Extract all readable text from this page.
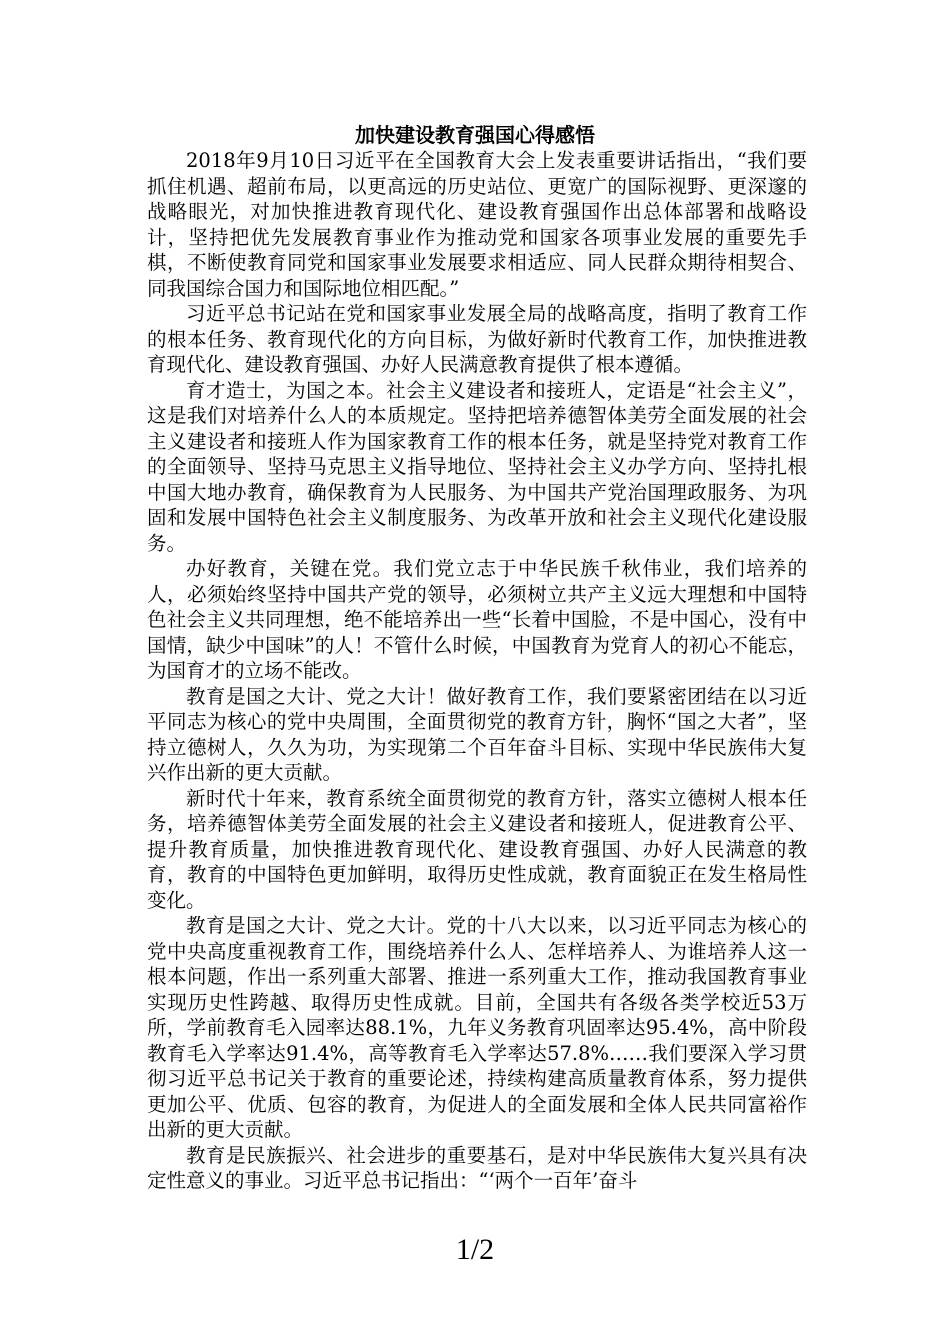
加快建设教育强国心得感悟

2018年9月10日习近平在全国教育大会上发表重要讲话指出，“我们要抓住机遇、超前布局，以更高远的历史站位、更宽广的国际视野、更深邃的战略眼光，对加快推进教育现代化、建设教育强国作出总体部署和战略设计，坚持把优先发展教育事业作为推动党和国家各项事业发展的重要先手棋，不断使教育同党和国家事业发展要求相适应、同人民群众期待相契合、同我国综合国力和国际地位相匹配。”

习近平总书记站在党和国家事业发展全局的战略高度，指明了教育工作的根本任务、教育现代化的方向目标，为做好新时代教育工作，加快推进教育现代化、建设教育强国、办好人民满意教育提供了根本遵循。

育才造士，为国之本。社会主义建设者和接班人，定语是“社会主义”，这是我们对培养什么人的本质规定。坚持把培养德智体美劳全面发展的社会主义建设者和接班人作为国家教育工作的根本任务，就是坚持党对教育工作的全面领导、坚持马克思主义指导地位、坚持社会主义办学方向、坚持扎根中国大地办教育，确保教育为人民服务、为中国共产党治国理政服务、为巩固和发展中国特色社会主义制度服务、为改革开放和社会主义现代化建设服务。

办好教育，关键在党。我们党立志于中华民族千秋伟业，我们培养的人，必须始终坚持中国共产党的领导，必须树立共产主义远大理想和中国特色社会主义共同理想，绝不能培养出一些“长着中国脸，不是中国心，没有中国情，缺少中国味”的人！不管什么时候，中国教育为党育人的初心不能忘，为国育才的立场不能改。

教育是国之大计、党之大计！做好教育工作，我们要紧密团结在以习近平同志为核心的党中央周围，全面贯彻党的教育方针，胸怀“国之大者”，坚持立德树人，久久为功，为实现第二个百年奋斗目标、实现中华民族伟大复兴作出新的更大贡献。

新时代十年来，教育系统全面贯彻党的教育方针，落实立德树人根本任务，培养德智体美劳全面发展的社会主义建设者和接班人，促进教育公平、提升教育质量，加快推进教育现代化、建设教育强国、办好人民满意的教育，教育的中国特色更加鲜明，取得历史性成就，教育面貌正在发生格局性变化。

教育是国之大计、党之大计。党的十八大以来，以习近平同志为核心的党中央高度重视教育工作，围绕培养什么人、怎样培养人、为谁培养人这一根本问题，作出一系列重大部署、推进一系列重大工作，推动我国教育事业实现历史性跨越、取得历史性成就。目前，全国共有各级各类学校近53万所，学前教育毛入园率达88.1%，九年义务教育巩固率达95.4%，高中阶段教育毛入学率达91.4%，高等教育毛入学率达57.8%……我们要深入学习贯彻习近平总书记关于教育的重要论述，持续构建高质量教育体系，努力提供更加公平、优质、包容的教育，为促进人的全面发展和全体人民共同富裕作出新的更大贡献。

教育是民族振兴、社会进步的重要基石，是对中华民族伟大复兴具有决定性意义的事业。习近平总书记指出：“‘两个一百年’奋斗

1/2
